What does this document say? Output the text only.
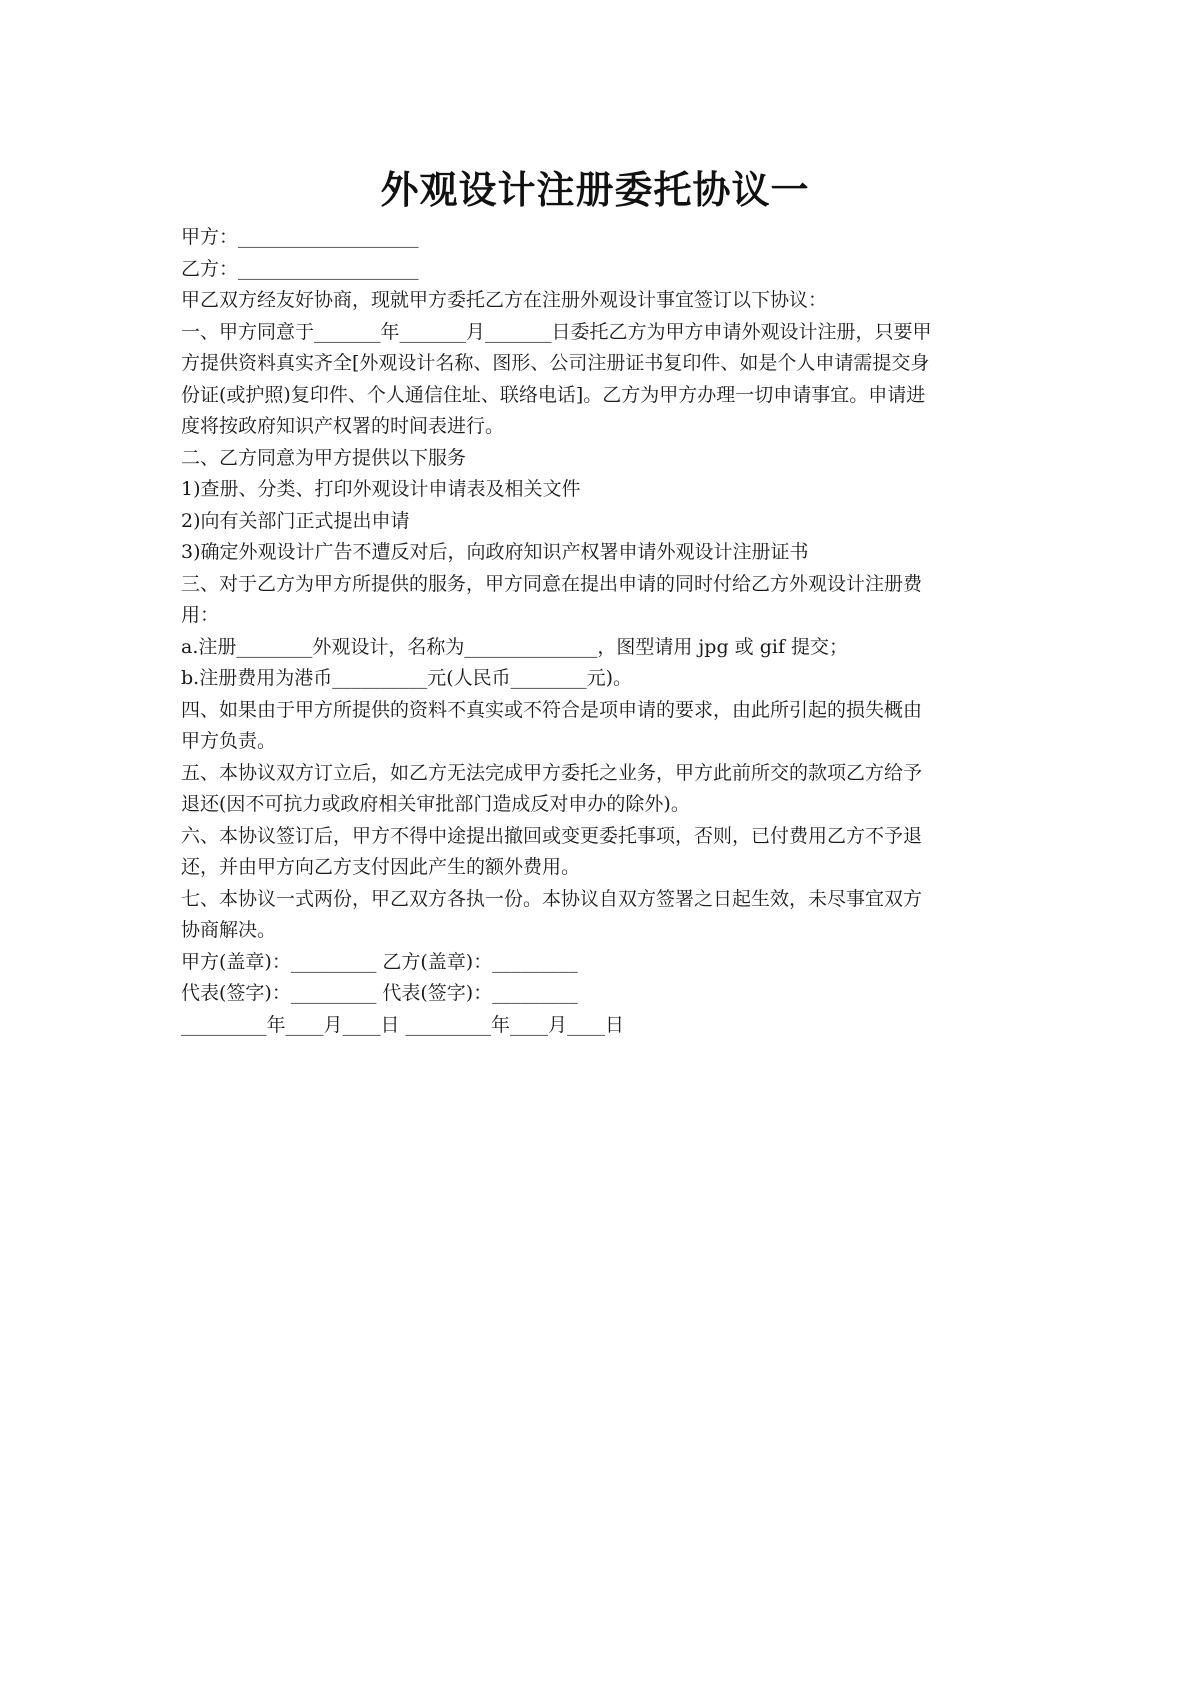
外观设计注册委托协议一

甲方：___________________

乙方：___________________

甲乙双方经友好协商，现就甲方委托乙方在注册外观设计事宜签订以下协议：

一、甲方同意于_______年_______月_______日委托乙方为甲方申请外观设计注册，只要甲

方提供资料真实齐全[外观设计名称、图形、公司注册证书复印件、如是个人申请需提交身

份证(或护照)复印件、个人通信住址、联络电话]。乙方为甲方办理一切申请事宜。申请进

度将按政府知识产权署的时间表进行。

二、乙方同意为甲方提供以下服务

1)查册、分类、打印外观设计申请表及相关文件

2)向有关部门正式提出申请

3)确定外观设计广告不遭反对后，向政府知识产权署申请外观设计注册证书

三、对于乙方为甲方所提供的服务，甲方同意在提出申请的同时付给乙方外观设计注册费

用：

a.注册________外观设计，名称为______________，图型请用 jpg 或 gif 提交；

b.注册费用为港币__________元(人民币________元)。

四、如果由于甲方所提供的资料不真实或不符合是项申请的要求，由此所引起的损失概由

甲方负责。

五、本协议双方订立后，如乙方无法完成甲方委托之业务，甲方此前所交的款项乙方给予

退还(因不可抗力或政府相关审批部门造成反对申办的除外)。

六、本协议签订后，甲方不得中途提出撤回或变更委托事项，否则，已付费用乙方不予退

还，并由甲方向乙方支付因此产生的额外费用。

七、本协议一式两份，甲乙双方各执一份。本协议自双方签署之日起生效，未尽事宜双方

协商解决。

甲方(盖章)：_________ 乙方(盖章)：_________

代表(签字)：_________ 代表(签字)：_________

_________年____月____日 _________年____月____日
